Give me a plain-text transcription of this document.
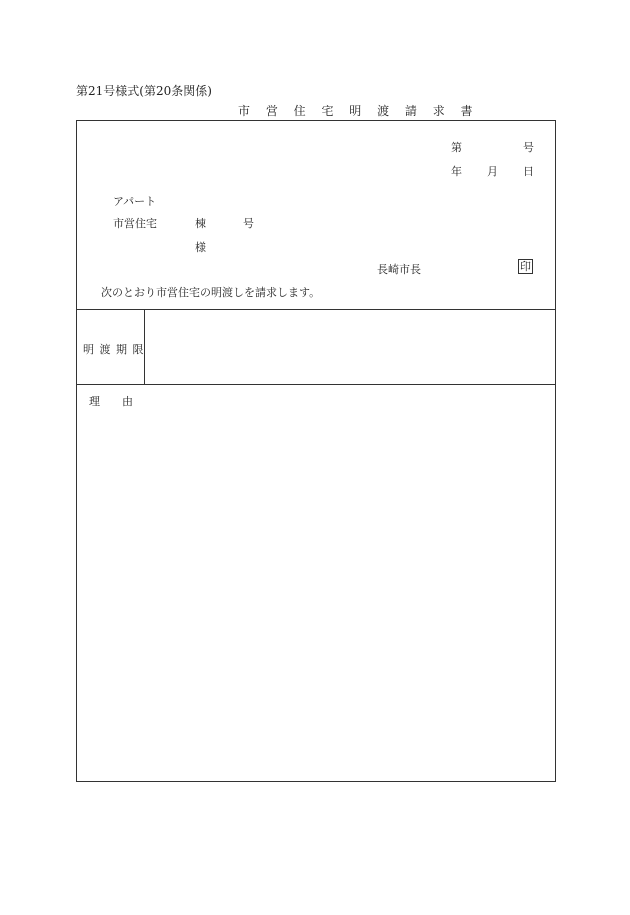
第21号様式(第20条関係)
市 営 住 宅 明 渡 請 求 書
第	号
年 月 日
アパート
市営住宅	棟	号
様
長崎市長	印
次のとおり市営住宅の明渡しを請求します。
明 渡 期 限
理　　由
